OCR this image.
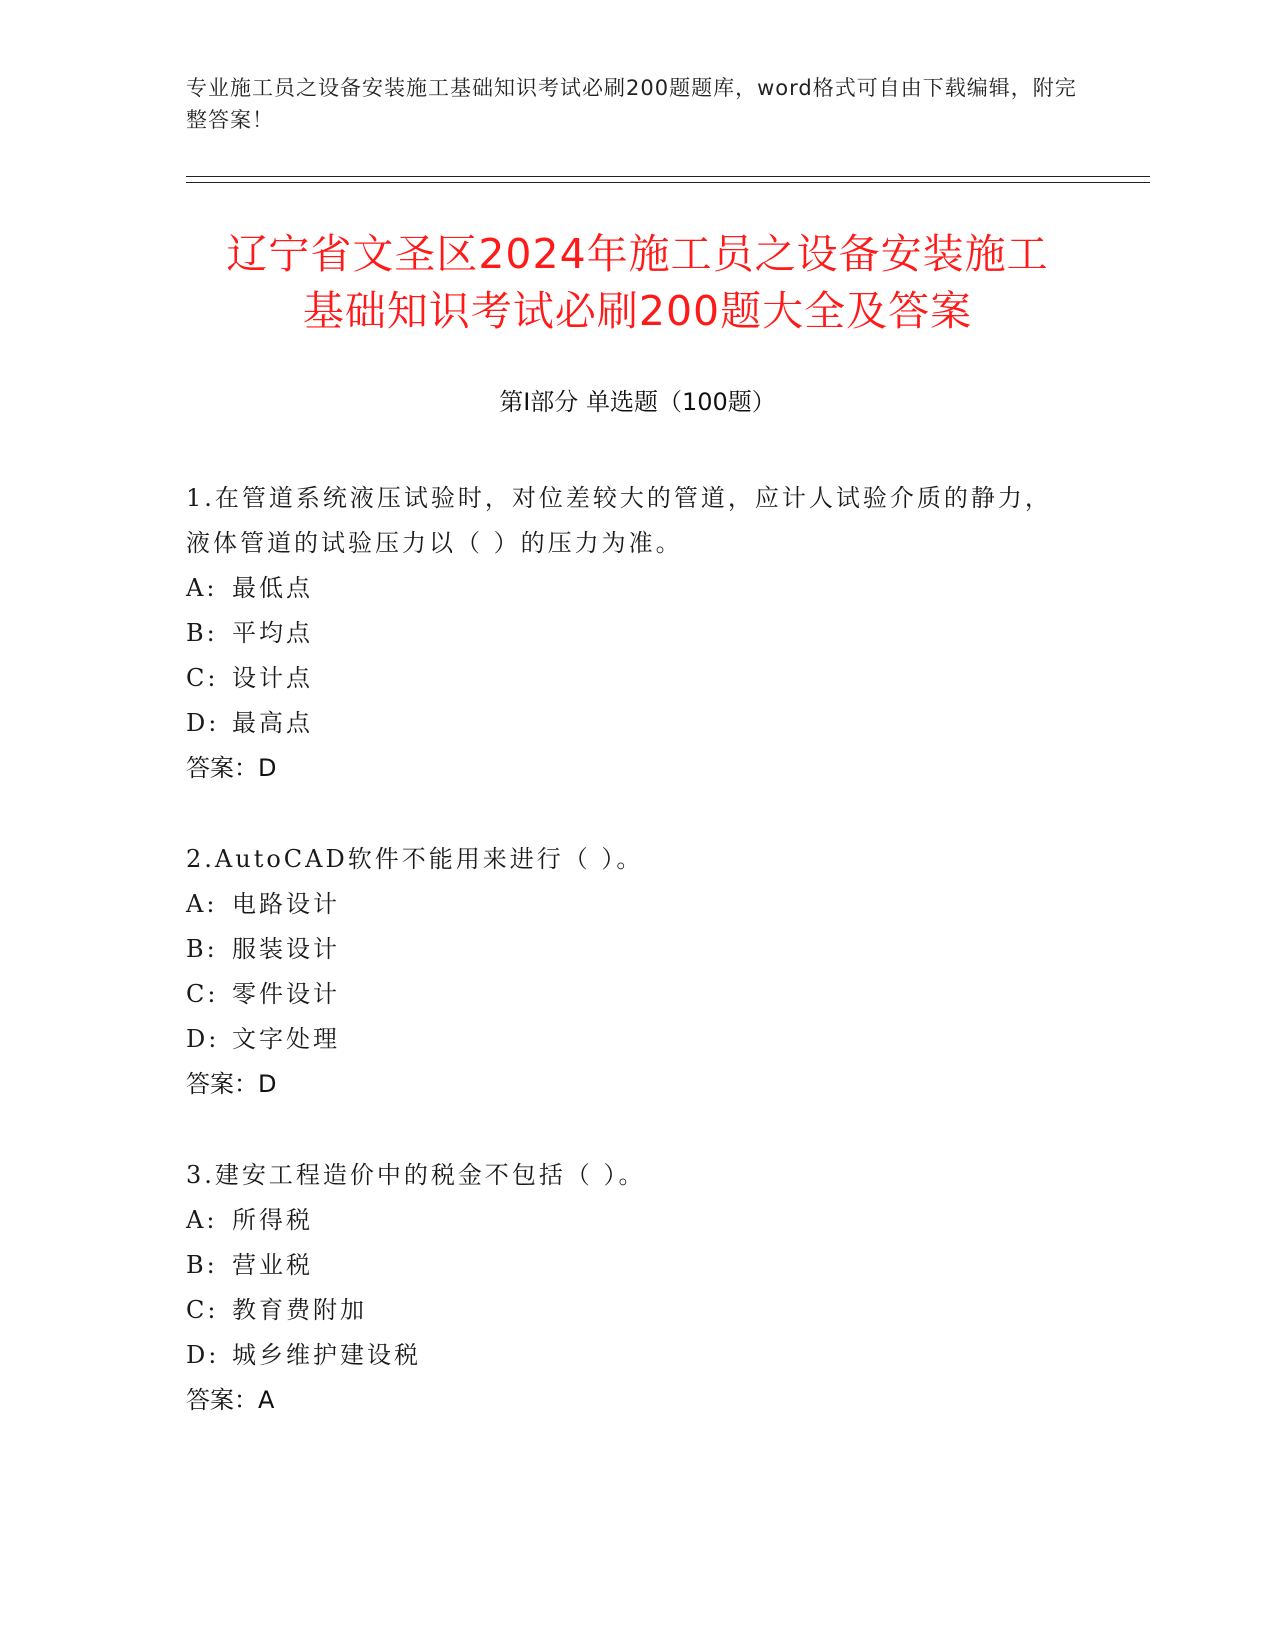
专业施工员之设备安装施工基础知识考试必刷200题题库，word格式可自由下载编辑，附完整答案！
辽宁省文圣区2024年施工员之设备安装施工
基础知识考试必刷200题大全及答案
第I部分 单选题（100题）
1.在管道系统液压试验时，对位差较大的管道，应计人试验介质的静力，液体管道的试验压力以（ ）的压力为准。
A: 最低点
B: 平均点
C: 设计点
D: 最高点
答案：D
2.AutoCAD软件不能用来进行（ ）。
A: 电路设计
B: 服装设计
C: 零件设计
D: 文字处理
答案：D
3.建安工程造价中的税金不包括（ ）。
A: 所得税
B: 营业税
C: 教育费附加
D: 城乡维护建设税
答案：A
